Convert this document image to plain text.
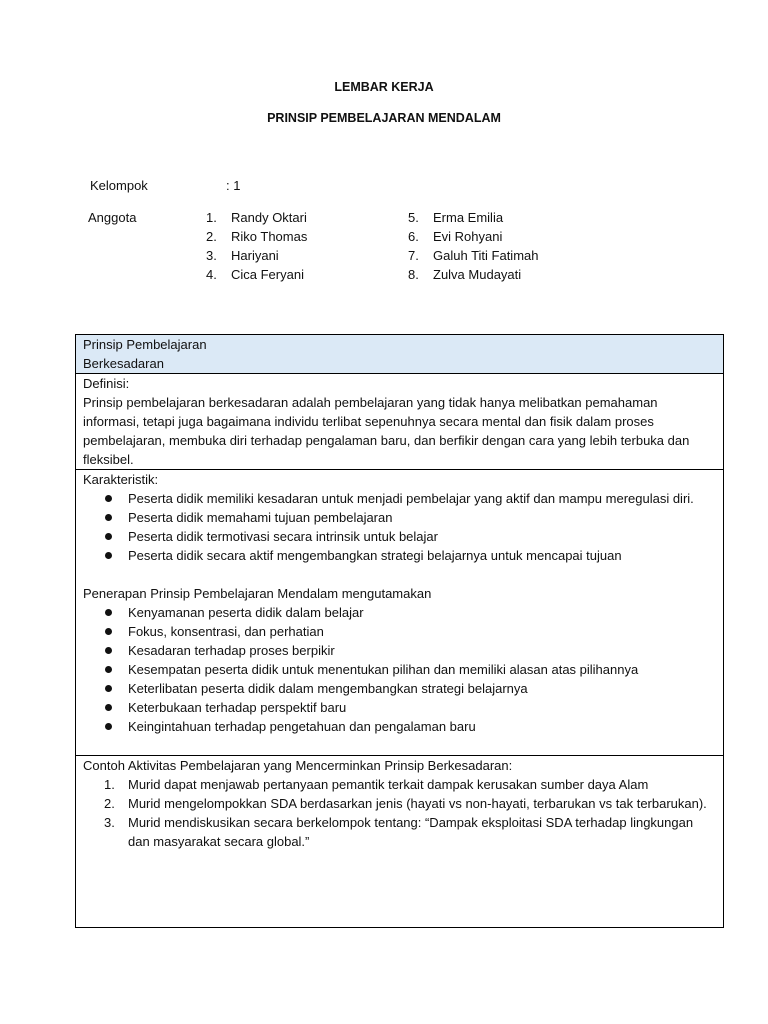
LEMBAR KERJA
PRINSIP PEMBELAJARAN MENDALAM
Kelompok	: 1
Anggota	1. Randy Oktari
2. Riko Thomas
3. Hariyani
4. Cica Feryani
5. Erma Emilia
6. Evi Rohyani
7. Galuh Titi Fatimah
8. Zulva Mudayati
Prinsip Pembelajaran
Berkesadaran

Definisi:

Prinsip pembelajaran berkesadaran adalah pembelajaran yang tidak hanya melibatkan pemahaman informasi, tetapi juga bagaimana individu terlibat sepenuhnya secara mental dan fisik dalam proses pembelajaran, membuka diri terhadap pengalaman baru, dan berfikir dengan cara yang lebih terbuka dan fleksibel.

Karakteristik:

Peserta didik memiliki kesadaran untuk menjadi pembelajar yang aktif dan mampu meregulasi diri.
Peserta didik memahami tujuan pembelajaran
Peserta didik termotivasi secara intrinsik untuk belajar
Peserta didik secara aktif mengembangkan strategi belajarnya untuk mencapai tujuan

Penerapan Prinsip Pembelajaran Mendalam mengutamakan

Kenyamanan peserta didik dalam belajar
Fokus, konsentrasi, dan perhatian
Kesadaran terhadap proses berpikir
Kesempatan peserta didik untuk menentukan pilihan dan memiliki alasan atas pilihannya
Keterlibatan peserta didik dalam mengembangkan strategi belajarnya
Keterbukaan terhadap perspektif baru
Keingintahuan terhadap pengetahuan dan pengalaman baru

Contoh Aktivitas Pembelajaran yang Mencerminkan Prinsip Berkesadaran:

1. Murid dapat menjawab pertanyaan pemantik terkait dampak kerusakan sumber daya Alam
2. Murid mengelompokkan SDA berdasarkan jenis (hayati vs non-hayati, terbarukan vs tak terbarukan).
3. Murid mendiskusikan secara berkelompok tentang: “Dampak eksploitasi SDA terhadap lingkungan dan masyarakat secara global.”
